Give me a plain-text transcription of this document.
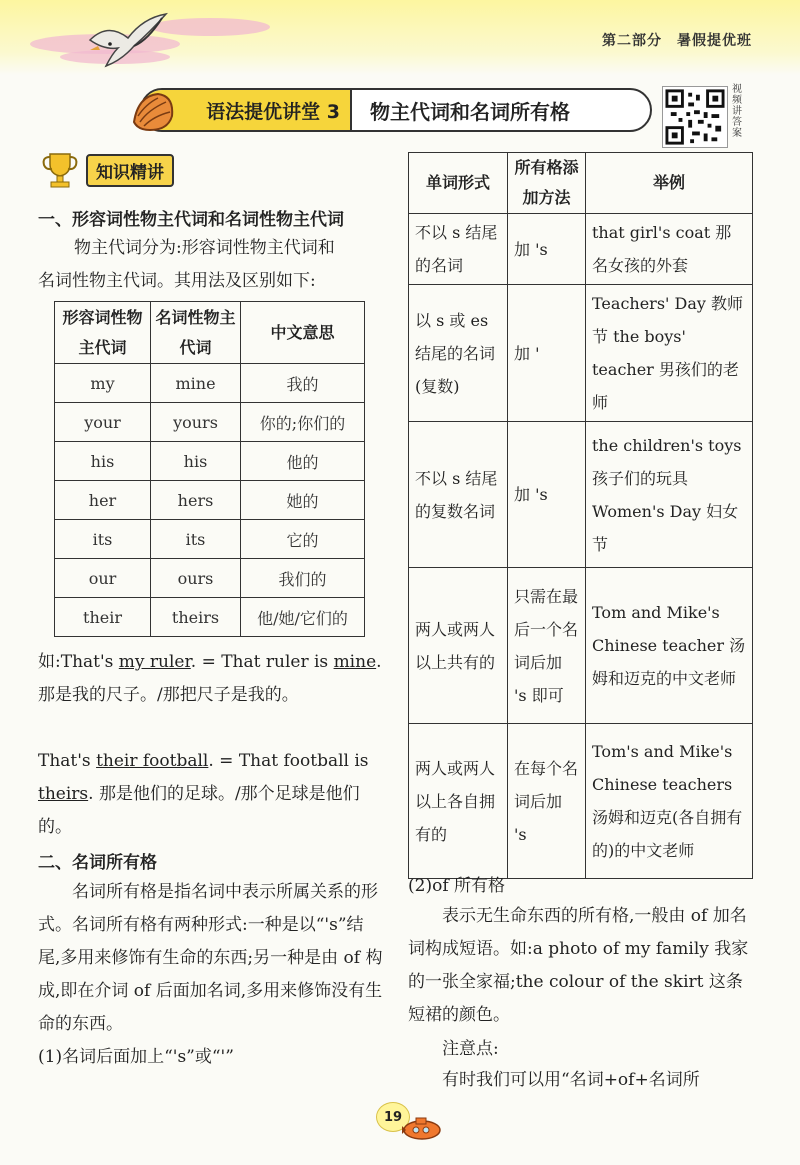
第二部分　暑假提优班
语法提优讲堂 3	物主代词和名词所有格
视频讲答案
知识精讲
一、形容词性物主代词和名词性物主代词
物主代词分为:形容词性物主代词和
名词性物主代词。其用法及区别如下:
形容词性物主代词	名词性物主代词	中文意思
my	mine	我的
your	yours	你的;你们的
his	his	他的
her	hers	她的
its	its	它的
our	ours	我们的
their	theirs	他/她/它们的
如:That's my ruler. = That ruler is mine. 那是我的尺子。/那把尺子是我的。
That's their football. = That football is theirs. 那是他们的足球。/那个足球是他们的。
二、名词所有格
名词所有格是指名词中表示所属关系的形式。名词所有格有两种形式:一种是以“'s”结尾,多用来修饰有生命的东西;另一种是由 of 构成,即在介词 of 后面加名词,多用来修饰没有生命的东西。
(1)名词后面加上“'s”或“'”
单词形式	所有格添加方法	举例
不以 s 结尾的名词	加 's	that girl's coat 那名女孩的外套
以 s 或 es 结尾的名词(复数)	加 '	Teachers' Day 教师节 the boys' teacher 男孩们的老师
不以 s 结尾的复数名词	加 's	the children's toys 孩子们的玩具 Women's Day 妇女节
两人或两人以上共有的	只需在最后一个名词后加 's 即可	Tom and Mike's Chinese teacher 汤姆和迈克的中文老师
两人或两人以上各自拥有的	在每个名词后加 's	Tom's and Mike's Chinese teachers 汤姆和迈克(各自拥有的)的中文老师
(2)of 所有格
表示无生命东西的所有格,一般由 of 加名词构成短语。如:a photo of my family 我家的一张全家福;the colour of the skirt 这条短裙的颜色。
注意点:
有时我们可以用“名词+of+名词所
19
